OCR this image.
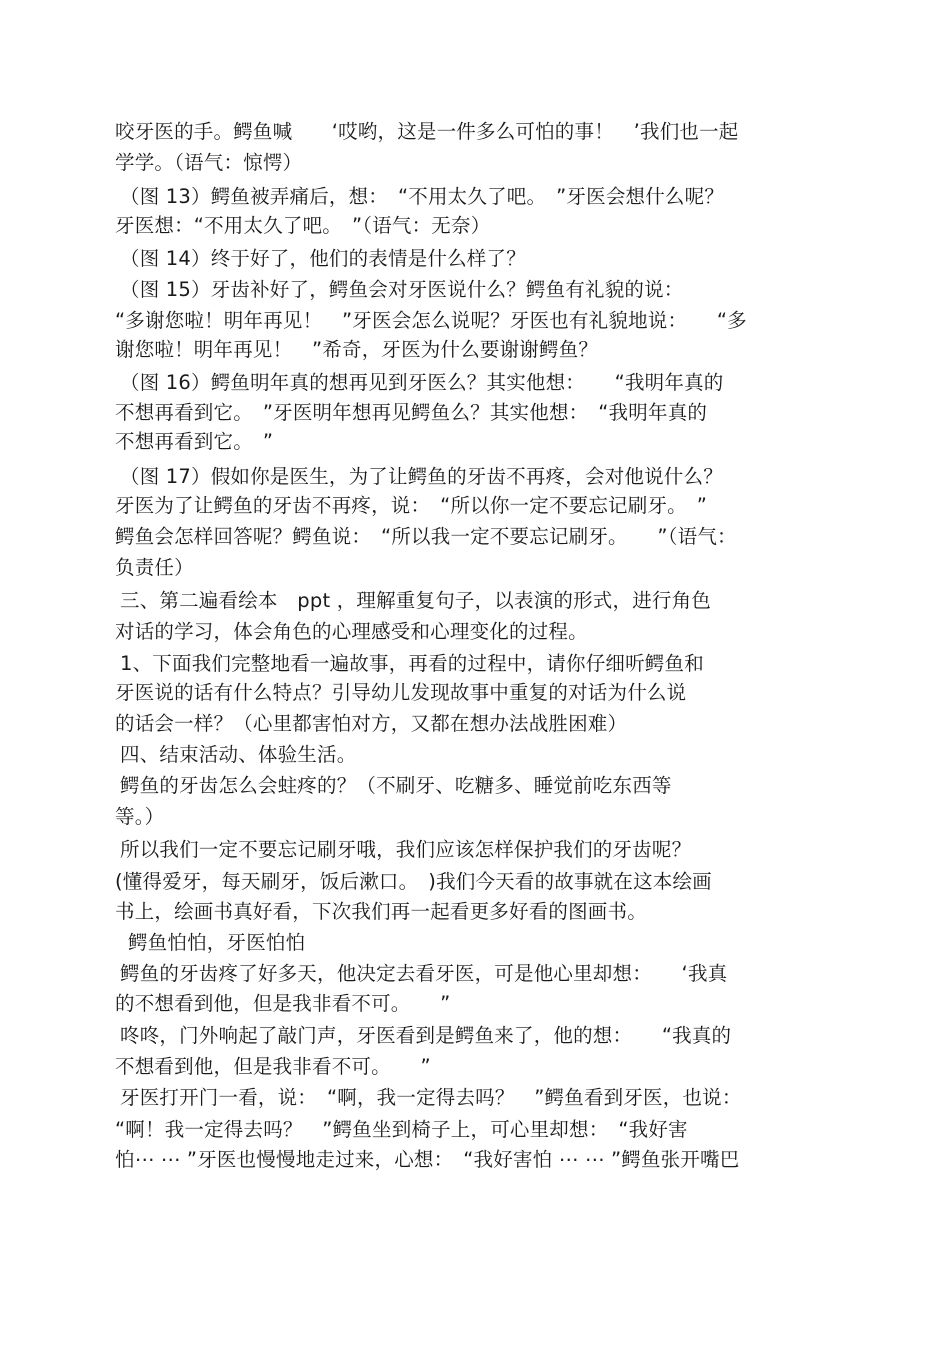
咬牙医的手。鳄鱼喊　　‘哎哟，这是一件多么可怕的事！　’我们也一起
学学。（语气：惊愕）
（图 13）鳄鱼被弄痛后，想：　“不用太久了吧。　”牙医会想什么呢？
牙医想：“不用太久了吧。　”（语气：无奈）
（图 14）终于好了，他们的表情是什么样了？
（图 15）牙齿补好了，鳄鱼会对牙医说什么？鳄鱼有礼貌的说：
“多谢您啦！明年再见！　”牙医会怎么说呢？牙医也有礼貌地说：　　“多
谢您啦！明年再见！　”希奇，牙医为什么要谢谢鳄鱼？
（图 16）鳄鱼明年真的想再见到牙医么？其实他想：　　“我明年真的
不想再看到它。　”牙医明年想再见鳄鱼么？其实他想：　“我明年真的
不想再看到它。　”
（图 17）假如你是医生，为了让鳄鱼的牙齿不再疼，会对他说什么？
牙医为了让鳄鱼的牙齿不再疼，说：　“所以你一定不要忘记刷牙。　”
鳄鱼会怎样回答呢？鳄鱼说：　“所以我一定不要忘记刷牙。　　”（语气：
负责任）
三、第二遍看绘本　ppt ，理解重复句子，以表演的形式，进行角色
对话的学习，体会角色的心理感受和心理变化的过程。
1、下面我们完整地看一遍故事，再看的过程中，请你仔细听鳄鱼和
牙医说的话有什么特点？引导幼儿发现故事中重复的对话为什么说
的话会一样？（心里都害怕对方，又都在想办法战胜困难）
四、结束活动、体验生活。
鳄鱼的牙齿怎么会蛀疼的？（不刷牙、吃糖多、睡觉前吃东西等
等。）
所以我们一定不要忘记刷牙哦，我们应该怎样保护我们的牙齿呢？
(懂得爱牙，每天刷牙，饭后漱口。　)我们今天看的故事就在这本绘画
书上，绘画书真好看，下次我们再一起看更多好看的图画书。
鳄鱼怕怕，牙医怕怕
鳄鱼的牙齿疼了好多天，他决定去看牙医，可是他心里却想：　　‘我真
的不想看到他，但是我非看不可。　　”
咚咚，门外响起了敲门声，牙医看到是鳄鱼来了，他的想：　　“我真的
不想看到他，但是我非看不可。　　”
牙医打开门一看，说：　“啊，我一定得去吗？　”鳄鱼看到牙医，也说：
“啊！我一定得去吗？　”鳄鱼坐到椅子上，可心里却想：　“我好害
怕⋯ ⋯ ”牙医也慢慢地走过来，心想：　“我好害怕 ⋯ ⋯ ”鳄鱼张开嘴巴
